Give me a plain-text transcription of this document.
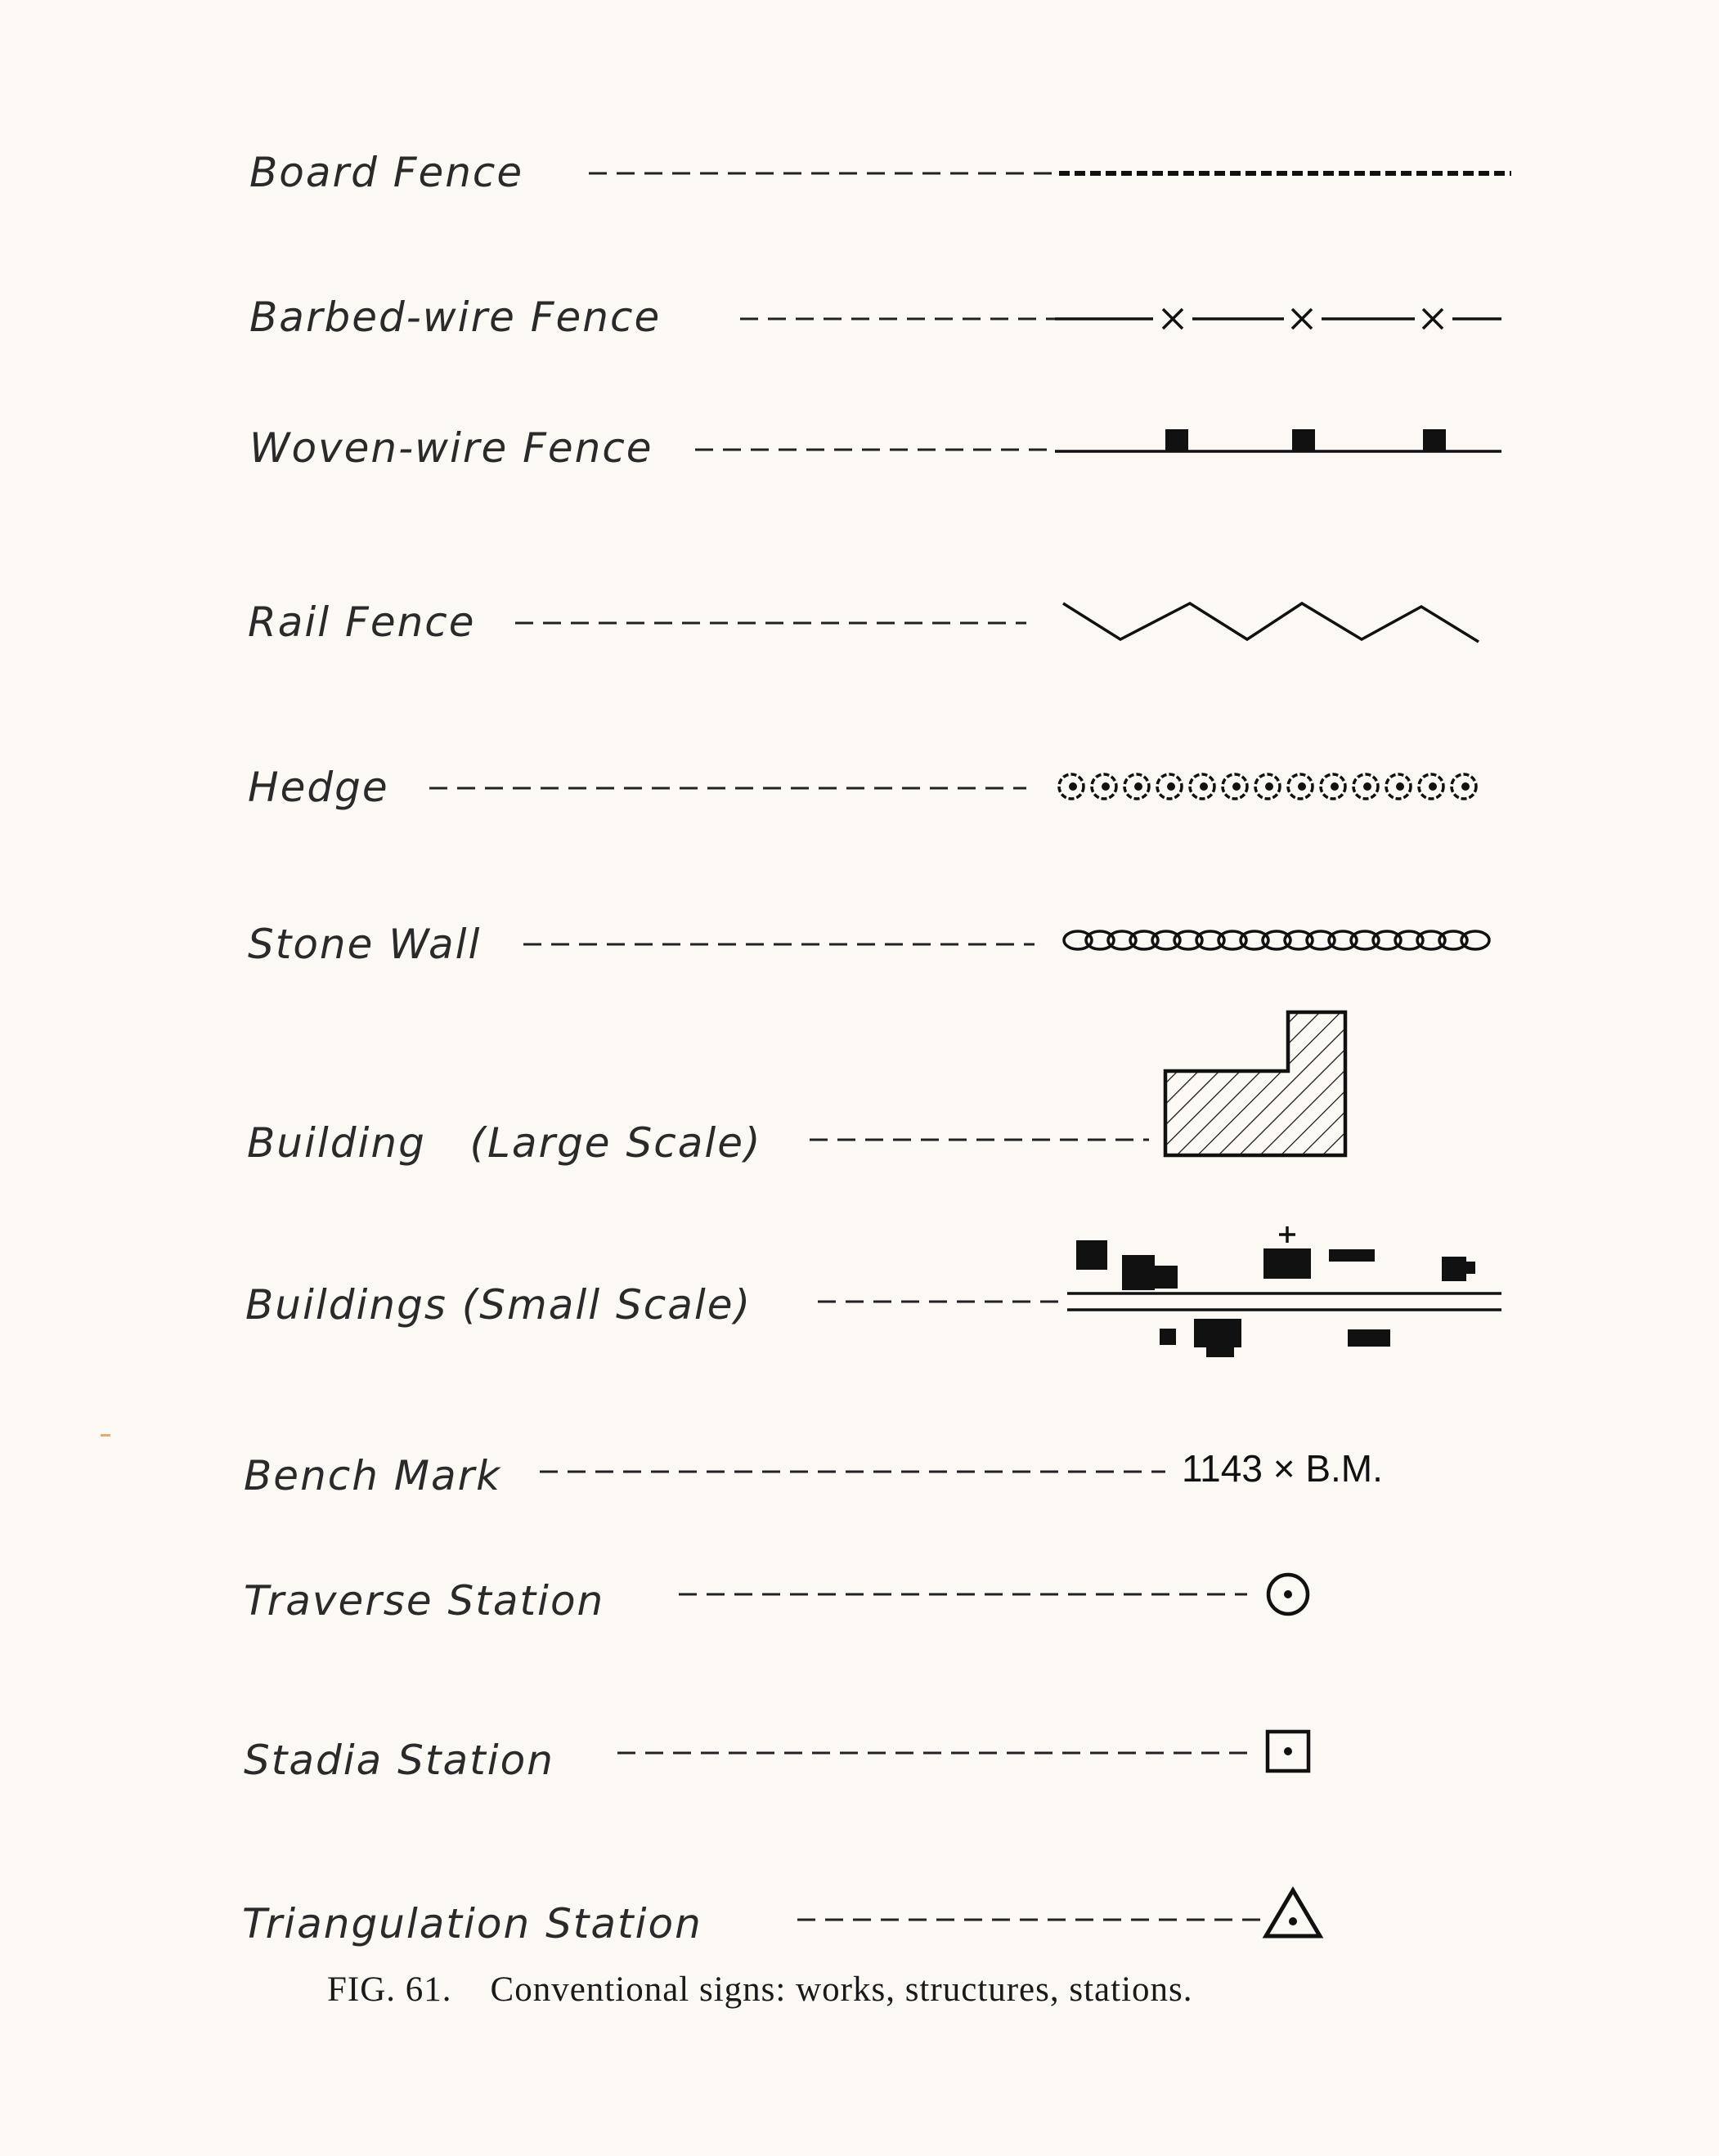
Board Fence
Barbed-wire Fence
Woven-wire Fence
Rail Fence
Hedge
Stone Wall
Building   (Large Scale)
Buildings (Small Scale)
Bench Mark	1143 × B.M.
Traverse Station
Stadia Station
Triangulation Station
FIG. 61.    Conventional signs: works, structures, stations.
